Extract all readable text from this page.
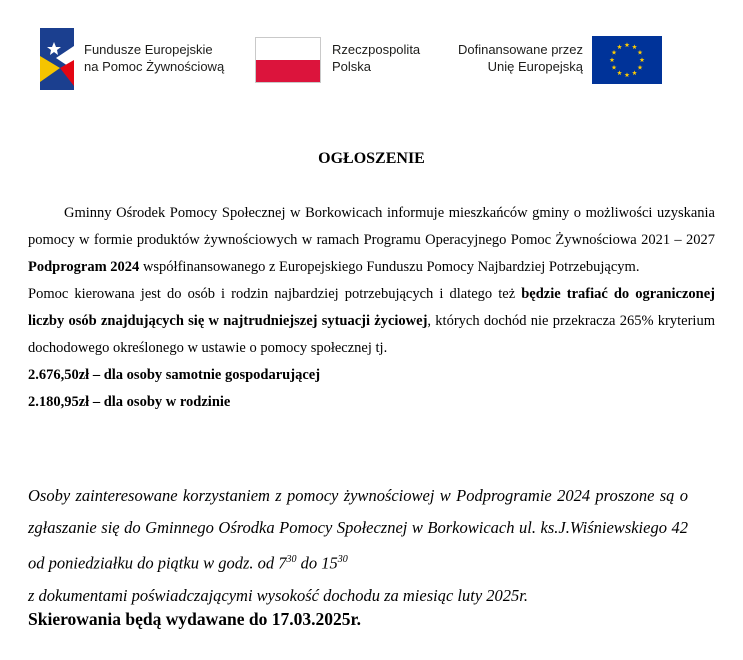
Fundusze Europejskie
na Pomoc Żywnościową
Rzeczpospolita
Polska
Dofinansowane przez
Unię Europejską
OGŁOSZENIE

Gminny Ośrodek Pomocy Społecznej w Borkowicach informuje mieszkańców gminy o możliwości uzyskania pomocy w formie produktów żywnościowych w ramach Programu Operacyjnego Pomoc Żywnościowa 2021 – 2027 Podprogram 2024 współfinansowanego z Europejskiego Funduszu Pomocy Najbardziej Potrzebującym.

Pomoc kierowana jest do osób i rodzin najbardziej potrzebujących i dlatego też będzie trafiać do ograniczonej liczby osób znajdujących się w najtrudniejszej sytuacji życiowej, których dochód nie przekracza 265% kryterium dochodowego określonego w ustawie o pomocy społecznej tj.

2.676,50zł – dla osoby samotnie gospodarującej

2.180,95zł – dla osoby w rodzinie

Osoby zainteresowane korzystaniem z pomocy żywnościowej w Podprogramie 2024 proszone są o zgłaszanie się do Gminnego Ośrodka Pomocy Społecznej w Borkowicach ul. ks.J.Wiśniewskiego 42 od poniedziałku do piątku w godz. od $7^{30}$ do $15^{30}$

z dokumentami poświadczającymi wysokość dochodu za miesiąc luty 2025r.

Skierowania będą wydawane do 17.03.2025r.
